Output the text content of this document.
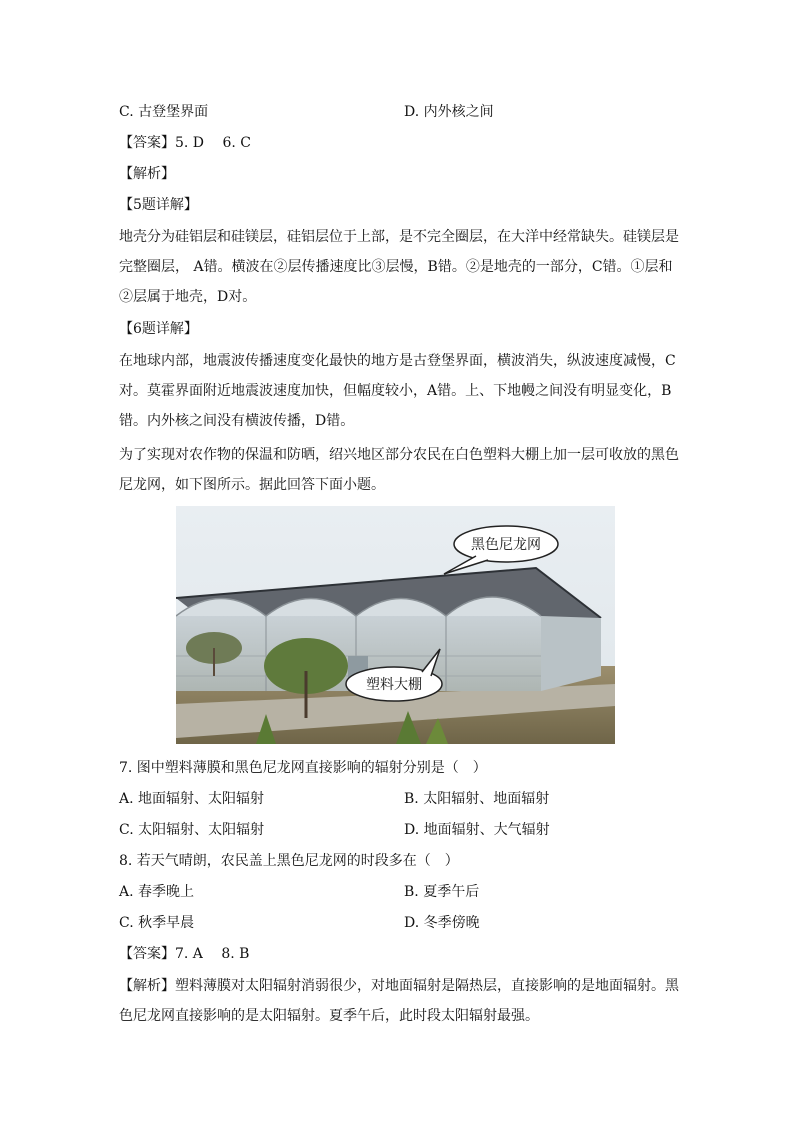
C. 古登堡界面	D. 内外核之间
【答案】5. D　 6. C
【解析】
【5题详解】
地壳分为硅铝层和硅镁层，硅铝层位于上部，是不完全圈层，在大洋中经常缺失。硅镁层是
完整圈层， A错。横波在②层传播速度比③层慢，B错。②是地壳的一部分，C错。①层和
②层属于地壳，D对。
【6题详解】
在地球内部，地震波传播速度变化最快的地方是古登堡界面，横波消失，纵波速度减慢，C
对。莫霍界面附近地震波速度加快，但幅度较小，A错。上、下地幔之间没有明显变化，B
错。内外核之间没有横波传播，D错。
为了实现对农作物的保温和防晒，绍兴地区部分农民在白色塑料大棚上加一层可收放的黑色
尼龙网，如下图所示。据此回答下面小题。
黑色尼龙网
塑料大棚
7. 图中塑料薄膜和黑色尼龙网直接影响的辐射分别是（　）
A. 地面辐射、太阳辐射	B. 太阳辐射、地面辐射
C. 太阳辐射、太阳辐射	D. 地面辐射、大气辐射
8. 若天气晴朗，农民盖上黑色尼龙网的时段多在（　）
A. 春季晚上	B. 夏季午后
C. 秋季早晨	D. 冬季傍晚
【答案】7. A　 8. B
【解析】塑料薄膜对太阳辐射消弱很少，对地面辐射是隔热层，直接影响的是地面辐射。黑
色尼龙网直接影响的是太阳辐射。夏季午后，此时段太阳辐射最强。
